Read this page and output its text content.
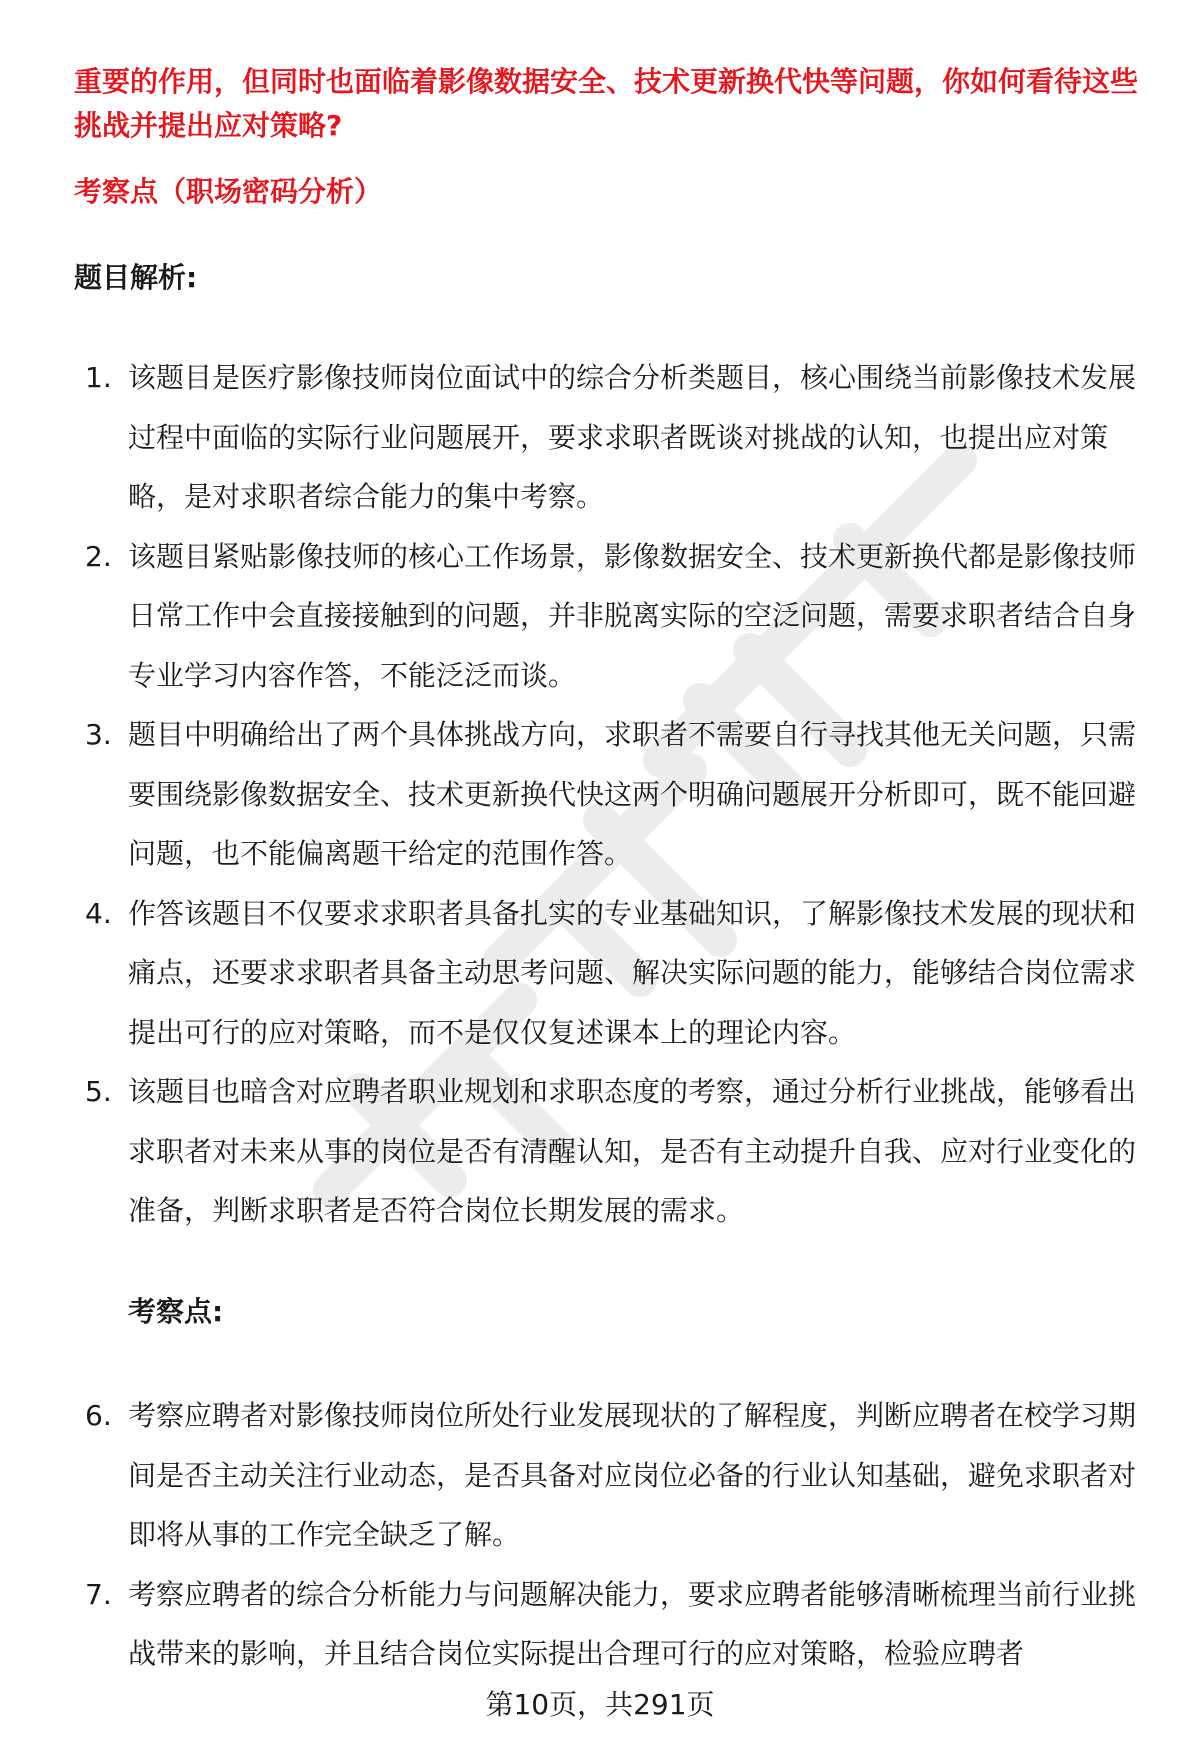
重要的作用，但同时也面临着影像数据安全、技术更新换代快等问题，你如何看待这些挑战并提出应对策略?

考察点（职场密码分析）

题目解析:
1. 该题目是医疗影像技师岗位面试中的综合分析类题目，核心围绕当前影像技术发展过程中面临的实际行业问题展开，要求求职者既谈对挑战的认知，也提出应对策略，是对求职者综合能力的集中考察。
2. 该题目紧贴影像技师的核心工作场景，影像数据安全、技术更新换代都是影像技师日常工作中会直接接触到的问题，并非脱离实际的空泛问题，需要求职者结合自身专业学习内容作答，不能泛泛而谈。
3. 题目中明确给出了两个具体挑战方向，求职者不需要自行寻找其他无关问题，只需要围绕影像数据安全、技术更新换代快这两个明确问题展开分析即可，既不能回避问题，也不能偏离题干给定的范围作答。
4. 作答该题目不仅要求求职者具备扎实的专业基础知识，了解影像技术发展的现状和痛点，还要求求职者具备主动思考问题、解决实际问题的能力，能够结合岗位需求提出可行的应对策略，而不是仅仅复述课本上的理论内容。
5. 该题目也暗含对应聘者职业规划和求职态度的考察，通过分析行业挑战，能够看出求职者对未来从事的岗位是否有清醒认知，是否有主动提升自我、应对行业变化的准备，判断求职者是否符合岗位长期发展的需求。
考察点:
6. 考察应聘者对影像技师岗位所处行业发展现状的了解程度，判断应聘者在校学习期间是否主动关注行业动态，是否具备对应岗位必备的行业认知基础，避免求职者对即将从事的工作完全缺乏了解。
7. 考察应聘者的综合分析能力与问题解决能力，要求应聘者能够清晰梳理当前行业挑战带来的影响，并且结合岗位实际提出合理可行的应对策略，检验应聘者
第10页，共291页
